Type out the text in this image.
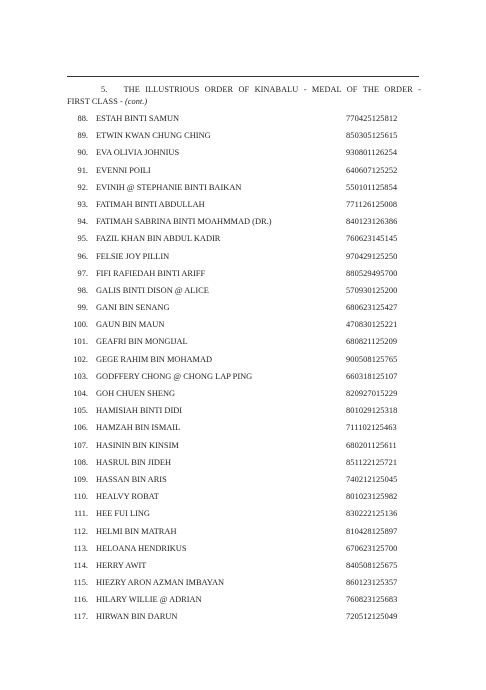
5. THE ILLUSTRIOUS ORDER OF KINABALU - MEDAL OF THE ORDER -
FIRST CLASS - (cont.)
88. ESTAH BINTI SAMUN	770425125812
89. ETWIN KWAN CHUNG CHING	850305125615
90. EVA OLIVIA JOHNIUS	930801126254
91. EVENNI POILI	640607125252
92. EVINIH @ STEPHANIE BINTI BAIKAN	550101125854
93. FATIMAH BINTI ABDULLAH	771126125008
94. FATIMAH SABRINA BINTI MOAHMMAD (DR.)	840123126386
95. FAZIL KHAN BIN ABDUL KADIR	760623145145
96. FELSIE JOY PILLIN	970429125250
97. FIFI RAFIEDAH BINTI ARIFF	880529495700
98. GALIS BINTI DISON @ ALICE	570930125200
99. GANI BIN SENANG	680623125427
100. GAUN BIN MAUN	470830125221
101. GEAFRI BIN MONGIJAL	680821125209
102. GEGE RAHIM BIN MOHAMAD	900508125765
103. GODFFERY CHONG @ CHONG LAP PING	660318125107
104. GOH CHUEN SHENG	820927015229
105. HAMISIAH BINTI DIDI	801029125318
106. HAMZAH BIN ISMAIL	711102125463
107. HASININ BIN KINSIM	680201125611
108. HASRUL BIN JIDEH	851122125721
109. HASSAN BIN ARIS	740212125045
110. HEALVY ROBAT	801023125982
111. HEE FUI LING	830222125136
112. HELMI BIN MATRAH	810428125897
113. HELOANA HENDRIKUS	670623125700
114. HERRY AWIT	840508125675
115. HIEZRY ARON AZMAN IMBAYAN	860123125357
116. HILARY WILLIE @ ADRIAN	760823125683
117. HIRWAN BIN DARUN	720512125049
